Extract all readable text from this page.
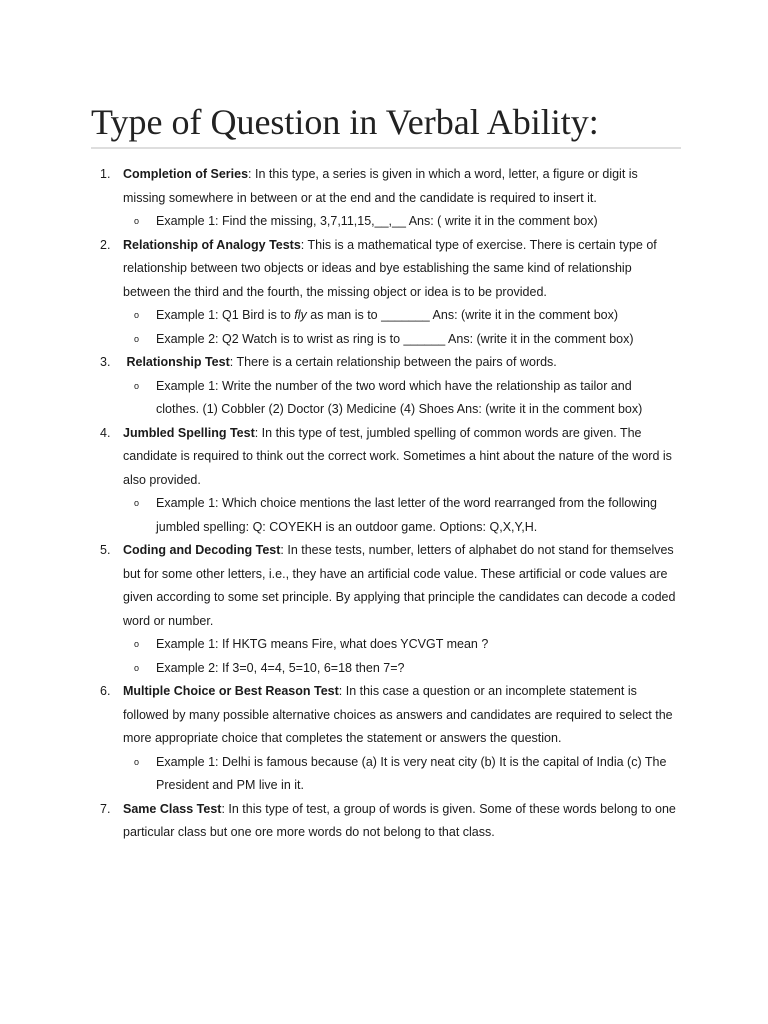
Type of Question in Verbal Ability:
1. Completion of Series: In this type, a series is given in which a word, letter, a figure or digit is missing somewhere in between or at the end and the candidate is required to insert it.
o Example 1: Find the missing, 3,7,11,15,__,__ Ans: ( write it in the comment box)
2. Relationship of Analogy Tests: This is a mathematical type of exercise. There is certain type of relationship between two objects or ideas and bye establishing the same kind of relationship between the third and the fourth, the missing object or idea is to be provided.
o Example 1: Q1 Bird is to fly as man is to _______ Ans: (write it in the comment box)
o Example 2: Q2 Watch is to wrist as ring is to ______ Ans: (write it in the comment box)
3. Relationship Test: There is a certain relationship between the pairs of words.
o Example 1: Write the number of the two word which have the relationship as tailor and clothes. (1) Cobbler (2) Doctor (3) Medicine (4) Shoes Ans: (write it in the comment box)
4. Jumbled Spelling Test: In this type of test, jumbled spelling of common words are given. The candidate is required to think out the correct work. Sometimes a hint about the nature of the word is also provided.
o Example 1: Which choice mentions the last letter of the word rearranged from the following jumbled spelling: Q: COYEKH is an outdoor game. Options: Q,X,Y,H.
5. Coding and Decoding Test: In these tests, number, letters of alphabet do not stand for themselves but for some other letters, i.e., they have an artificial code value. These artificial or code values are given according to some set principle. By applying that principle the candidates can decode a coded word or number.
o Example 1: If HKTG means Fire, what does YCVGT mean ?
o Example 2: If 3=0, 4=4, 5=10, 6=18 then 7=?
6. Multiple Choice or Best Reason Test: In this case a question or an incomplete statement is followed by many possible alternative choices as answers and candidates are required to select the more appropriate choice that completes the statement or answers the question.
o Example 1: Delhi is famous because (a) It is very neat city (b) It is the capital of India (c) The President and PM live in it.
7. Same Class Test: In this type of test, a group of words is given. Some of these words belong to one particular class but one ore more words do not belong to that class.
